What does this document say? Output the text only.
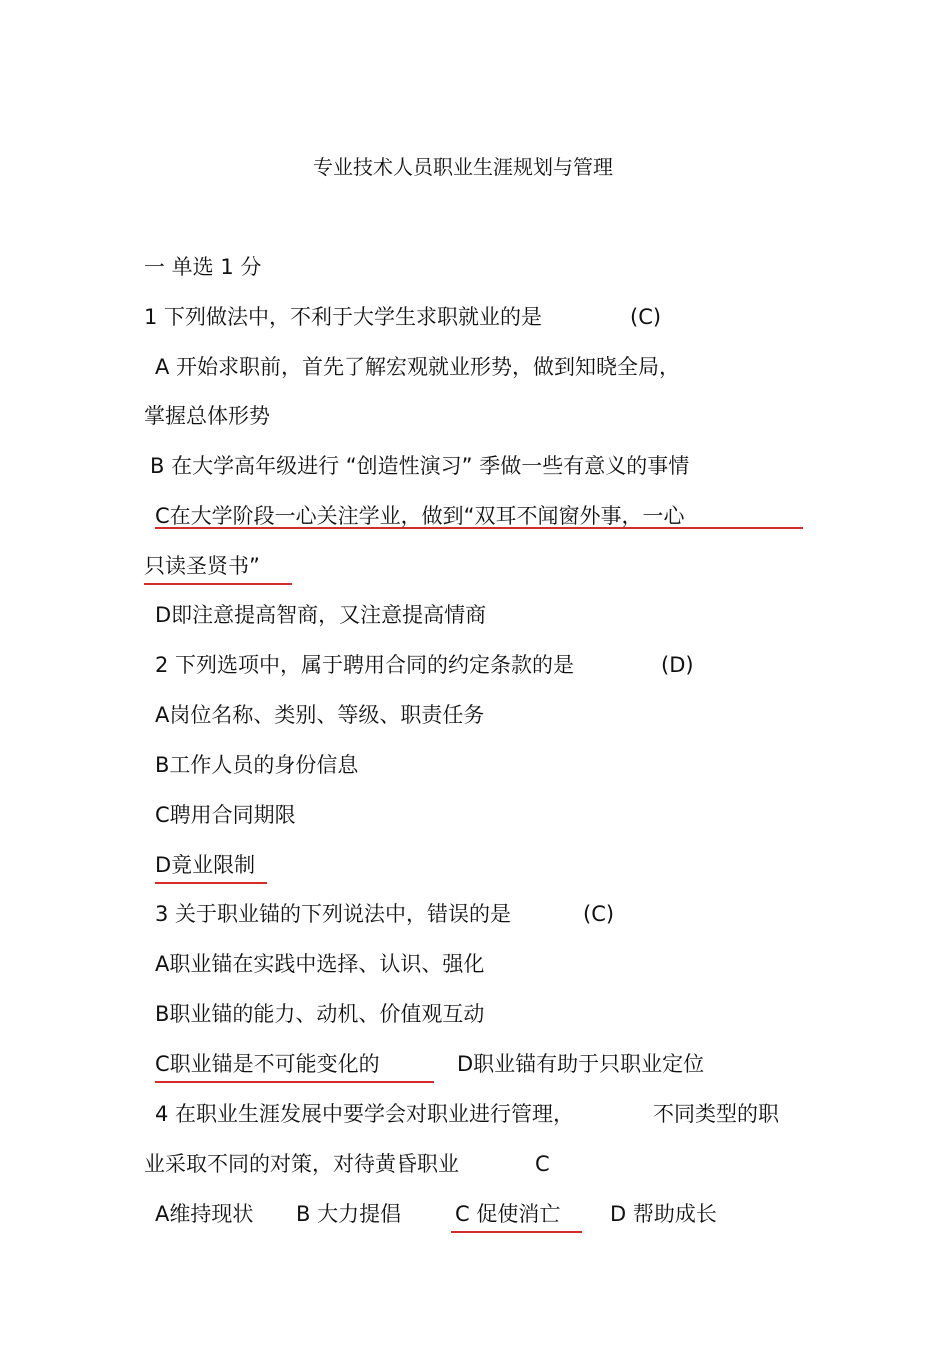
专业技术人员职业生涯规划与管理
一 单选 1 分
1 下列做法中，不利于大学生求职就业的是	(C)
A 开始求职前，首先了解宏观就业形势，做到知晓全局，
掌握总体形势
B 在大学高年级进行 “创造性演习” 季做一些有意义的事情
C在大学阶段一心关注学业，做到“双耳不闻窗外事，一心
只读圣贤书”
D即注意提高智商，又注意提高情商
2 下列选项中，属于聘用合同的约定条款的是	(D)
A岗位名称、类别、等级、职责任务
B工作人员的身份信息
C聘用合同期限
D竟业限制
3 关于职业锚的下列说法中，错误的是	(C)
A职业锚在实践中选择、认识、强化
B职业锚的能力、动机、价值观互动
C职业锚是不可能变化的	D职业锚有助于只职业定位
4 在职业生涯发展中要学会对职业进行管理，	不同类型的职
业采取不同的对策，对待黄昏职业	C
A维持现状 B 大力提倡	C 促使消亡	D 帮助成长
